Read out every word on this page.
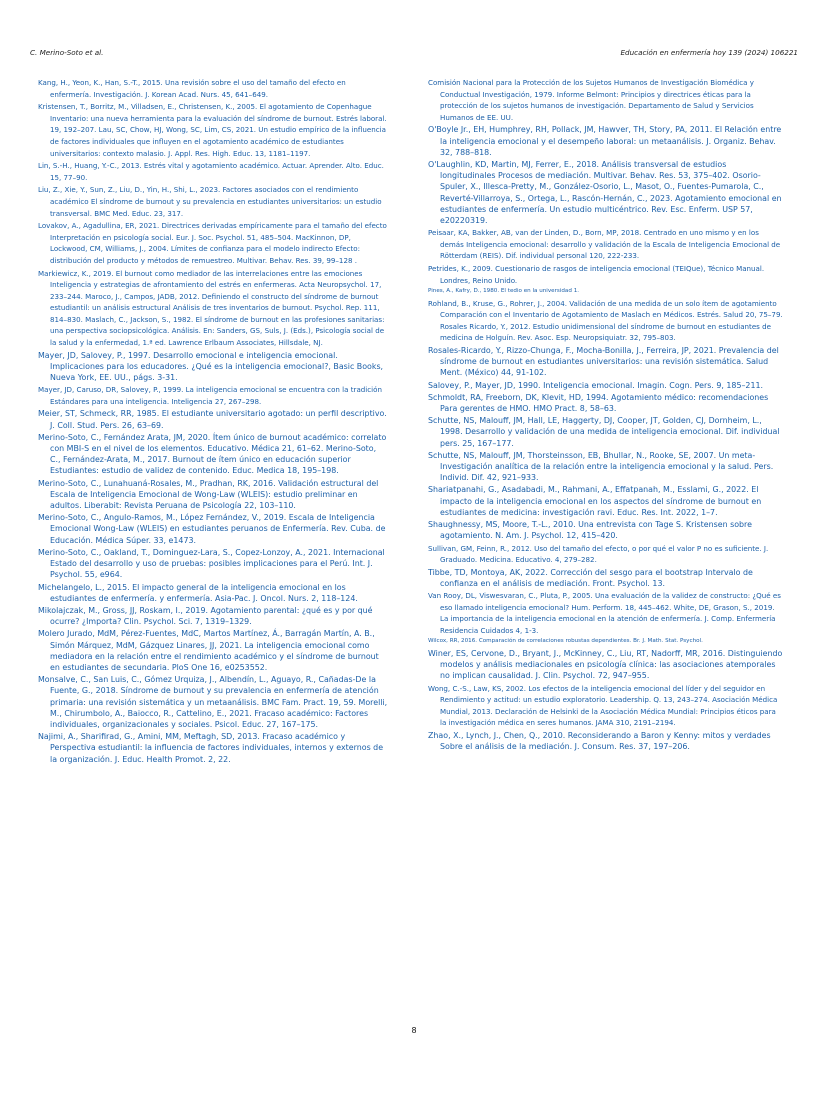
C. Merino-Soto et al.	Educación en enfermería hoy 139 (2024) 106221

Kang, H., Yeon, K., Han, S.-T., 2015. Una revisión sobre el uso del tamaño del efecto en enfermería. Investigación. J. Korean Acad. Nurs. 45, 641–649.

Kristensen, T., Borritz, M., Villadsen, E., Christensen, K., 2005. El agotamiento de Copenhague Inventario: una nueva herramienta para la evaluación del síndrome de burnout. Estrés laboral. 19, 192–207. Lau, SC, Chow, HJ, Wong, SC, Lim, CS, 2021. Un estudio empírico de la influencia de factores individuales que influyen en el agotamiento académico de estudiantes universitarios: contexto malasio. J. Appl. Res. High. Educ. 13, 1181–1197.

Lin, S.-H., Huang, Y.-C., 2013. Estrés vital y agotamiento académico. Actuar. Aprender. Alto. Educ. 15, 77–90.

Liu, Z., Xie, Y., Sun, Z., Liu, D., Yin, H., Shi, L., 2023. Factores asociados con el rendimiento académico El síndrome de burnout y su prevalencia en estudiantes universitarios: un estudio transversal. BMC Med. Educ. 23, 317.

Lovakov, A., Agadullina, ER, 2021. Directrices derivadas empíricamente para el tamaño del efecto Interpretación en psicología social. Eur. J. Soc. Psychol. 51, 485–504. MacKinnon, DP, Lockwood, CM, Williams, J., 2004. Límites de confianza para el modelo indirecto Efecto: distribución del producto y métodos de remuestreo. Multivar. Behav. Res. 39, 99–128 .

Markiewicz, K., 2019. El burnout como mediador de las interrelaciones entre las emociones Inteligencia y estrategias de afrontamiento del estrés en enfermeras. Acta Neuropsychol. 17, 233–244. Maroco, J., Campos, JADB, 2012. Definiendo el constructo del síndrome de burnout estudiantil: un análisis estructural Análisis de tres inventarios de burnout. Psychol. Rep. 111, 814–830. Maslach, C., Jackson, S., 1982. El síndrome de burnout en las profesiones sanitarias: una perspectiva sociopsicológica. Análisis. En: Sanders, GS, Suls, J. (Eds.), Psicología social de la salud y la enfermedad, 1.ª ed. Lawrence Erlbaum Associates, Hillsdale, NJ.

Mayer, JD, Salovey, P., 1997. Desarrollo emocional e inteligencia emocional. Implicaciones para los educadores. ¿Qué es la inteligencia emocional?, Basic Books, Nueva York, EE. UU., págs. 3-31.

Mayer, JD, Caruso, DR, Salovey, P., 1999. La inteligencia emocional se encuentra con la tradición Estándares para una inteligencia. Inteligencia 27, 267–298.

Meier, ST, Schmeck, RR, 1985. El estudiante universitario agotado: un perfil descriptivo. J. Coll. Stud. Pers. 26, 63–69.

Merino-Soto, C., Fernández Arata, JM, 2020. Ítem único de burnout académico: correlato con MBI-S en el nivel de los elementos. Educativo. Médica 21, 61–62. Merino-Soto, C., Fernández-Arata, M., 2017. Burnout de ítem único en educación superior Estudiantes: estudio de validez de contenido. Educ. Medica 18, 195–198.

Merino-Soto, C., Lunahuaná-Rosales, M., Pradhan, RK, 2016. Validación estructural del Escala de Inteligencia Emocional de Wong-Law (WLEIS): estudio preliminar en adultos. Liberabit: Revista Peruana de Psicología 22, 103–110.

Merino-Soto, C., Angulo-Ramos, M., López Fernández, V., 2019. Escala de Inteligencia Emocional Wong-Law (WLEIS) en estudiantes peruanos de Enfermería. Rev. Cuba. de Educación. Médica Súper. 33, e1473.

Merino-Soto, C., Oakland, T., Dominguez-Lara, S., Copez-Lonzoy, A., 2021. Internacional Estado del desarrollo y uso de pruebas: posibles implicaciones para el Perú. Int. J. Psychol. 55, e964.

Michelangelo, L., 2015. El impacto general de la inteligencia emocional en los estudiantes de enfermería. y enfermería. Asia-Pac. J. Oncol. Nurs. 2, 118–124.

Mikolajczak, M., Gross, JJ, Roskam, I., 2019. Agotamiento parental: ¿qué es y por qué ocurre? ¿Importa? Clin. Psychol. Sci. 7, 1319–1329.

Molero Jurado, MdM, Pérez-Fuentes, MdC, Martos Martínez, Á., Barragán Martín, A. B., Simón Márquez, MdM, Gázquez Linares, JJ, 2021. La inteligencia emocional como mediadora en la relación entre el rendimiento académico y el síndrome de burnout en estudiantes de secundaria. PloS One 16, e0253552.

Monsalve, C., San Luis, C., Gómez Urquiza, J., Albendín, L., Aguayo, R., Cañadas-De la Fuente, G., 2018. Síndrome de burnout y su prevalencia en enfermería de atención primaria: una revisión sistemática y un metaanálisis. BMC Fam. Pract. 19, 59. Morelli, M., Chirumbolo, A., Baiocco, R., Cattelino, E., 2021. Fracaso académico: Factores individuales, organizacionales y sociales. Psicol. Educ. 27, 167–175.

Najimi, A., Sharifirad, G., Amini, MM, Meftagh, SD, 2013. Fracaso académico y Perspectiva estudiantil: la influencia de factores individuales, internos y externos de la organización. J. Educ. Health Promot. 2, 22.

Comisión Nacional para la Protección de los Sujetos Humanos de Investigación Biomédica y Conductual Investigación, 1979. Informe Belmont: Principios y directrices éticas para la protección de los sujetos humanos de investigación. Departamento de Salud y Servicios Humanos de EE. UU.

O'Boyle Jr., EH, Humphrey, RH, Pollack, JM, Hawver, TH, Story, PA, 2011. El Relación entre la inteligencia emocional y el desempeño laboral: un metaanálisis. J. Organiz. Behav. 32, 788–818.

O'Laughlin, KD, Martin, MJ, Ferrer, E., 2018. Análisis transversal de estudios longitudinales Procesos de mediación. Multivar. Behav. Res. 53, 375–402. Osorio-Spuler, X., Illesca-Pretty, M., González-Osorio, L., Masot, O., Fuentes-Pumarola, C., Reverté-Villarroya, S., Ortega, L., Rascón-Hernán, C., 2023. Agotamiento emocional en estudiantes de enfermería. Un estudio multicéntrico. Rev. Esc. Enferm. USP 57, e20220319.

Peisaar, KA, Bakker, AB, van der Linden, D., Born, MP, 2018. Centrado en uno mismo y en los demás Inteligencia emocional: desarrollo y validación de la Escala de Inteligencia Emocional de Rötterdam (REIS). Dif. individual personal 120, 222-233.

Petrides, K., 2009. Cuestionario de rasgos de inteligencia emocional (TEIQue), Técnico Manual. Londres, Reino Unido.

Pines, A., Kafry, D., 1980. El tedio en la universidad 1.

Rohland, B., Kruse, G., Rohrer, J., 2004. Validación de una medida de un solo ítem de agotamiento Comparación con el Inventario de Agotamiento de Maslach en Médicos. Estrés. Salud 20, 75–79. Rosales Ricardo, Y., 2012. Estudio unidimensional del síndrome de burnout en estudiantes de medicina de Holguín. Rev. Asoc. Esp. Neuropsiquiatr. 32, 795–803.

Rosales-Ricardo, Y., Rizzo-Chunga, F., Mocha-Bonilla, J., Ferreira, JP, 2021. Prevalencia del síndrome de burnout en estudiantes universitarios: una revisión sistemática. Salud Ment. (México) 44, 91-102.

Salovey, P., Mayer, JD, 1990. Inteligencia emocional. Imagin. Cogn. Pers. 9, 185–211.

Schmoldt, RA, Freeborn, DK, Klevit, HD, 1994. Agotamiento médico: recomendaciones Para gerentes de HMO. HMO Pract. 8, 58–63.

Schutte, NS, Malouff, JM, Hall, LE, Haggerty, DJ, Cooper, JT, Golden, CJ, Dornheim, L., 1998. Desarrollo y validación de una medida de inteligencia emocional. Dif. individual pers. 25, 167–177.

Schutte, NS, Malouff, JM, Thorsteinsson, EB, Bhullar, N., Rooke, SE, 2007. Un meta-Investigación analítica de la relación entre la inteligencia emocional y la salud. Pers. Individ. Dif. 42, 921–933.

Shariatpanahi, G., Asadabadi, M., Rahmani, A., Effatpanah, M., Esslami, G., 2022. El impacto de la inteligencia emocional en los aspectos del síndrome de burnout en estudiantes de medicina: investigación ravi. Educ. Res. Int. 2022, 1–7.

Shaughnessy, MS, Moore, T.-L., 2010. Una entrevista con Tage S. Kristensen sobre agotamiento. N. Am. J. Psychol. 12, 415–420.

Sullivan, GM, Feinn, R., 2012. Uso del tamaño del efecto, o por qué el valor P no es suficiente. J. Graduado. Medicina. Educativo. 4, 279–282.

Tibbe, TD, Montoya, AK, 2022. Corrección del sesgo para el bootstrap Intervalo de confianza en el análisis de mediación. Front. Psychol. 13.

Van Rooy, DL, Viswesvaran, C., Pluta, P., 2005. Una evaluación de la validez de constructo: ¿Qué es eso llamado inteligencia emocional? Hum. Perform. 18, 445–462. White, DE, Grason, S., 2019. La importancia de la inteligencia emocional en la atención de enfermería. J. Comp. Enfermería Residencia Cuidados 4, 1-3.

Wilcox, RR, 2016. Comparación de correlaciones robustas dependientes. Br. J. Math. Stat. Psychol.

Winer, ES, Cervone, D., Bryant, J., McKinney, C., Liu, RT, Nadorff, MR, 2016. Distinguiendo modelos y análisis mediacionales en psicología clínica: las asociaciones atemporales no implican causalidad. J. Clin. Psychol. 72, 947–955.

Wong, C.-S., Law, KS, 2002. Los efectos de la inteligencia emocional del líder y del seguidor en Rendimiento y actitud: un estudio exploratorio. Leadership. Q. 13, 243–274. Asociación Médica Mundial, 2013. Declaración de Helsinki de la Asociación Médica Mundial: Principios éticos para la investigación médica en seres humanos. JAMA 310, 2191–2194.

Zhao, X., Lynch, J., Chen, Q., 2010. Reconsiderando a Baron y Kenny: mitos y verdades Sobre el análisis de la mediación. J. Consum. Res. 37, 197–206.

8
